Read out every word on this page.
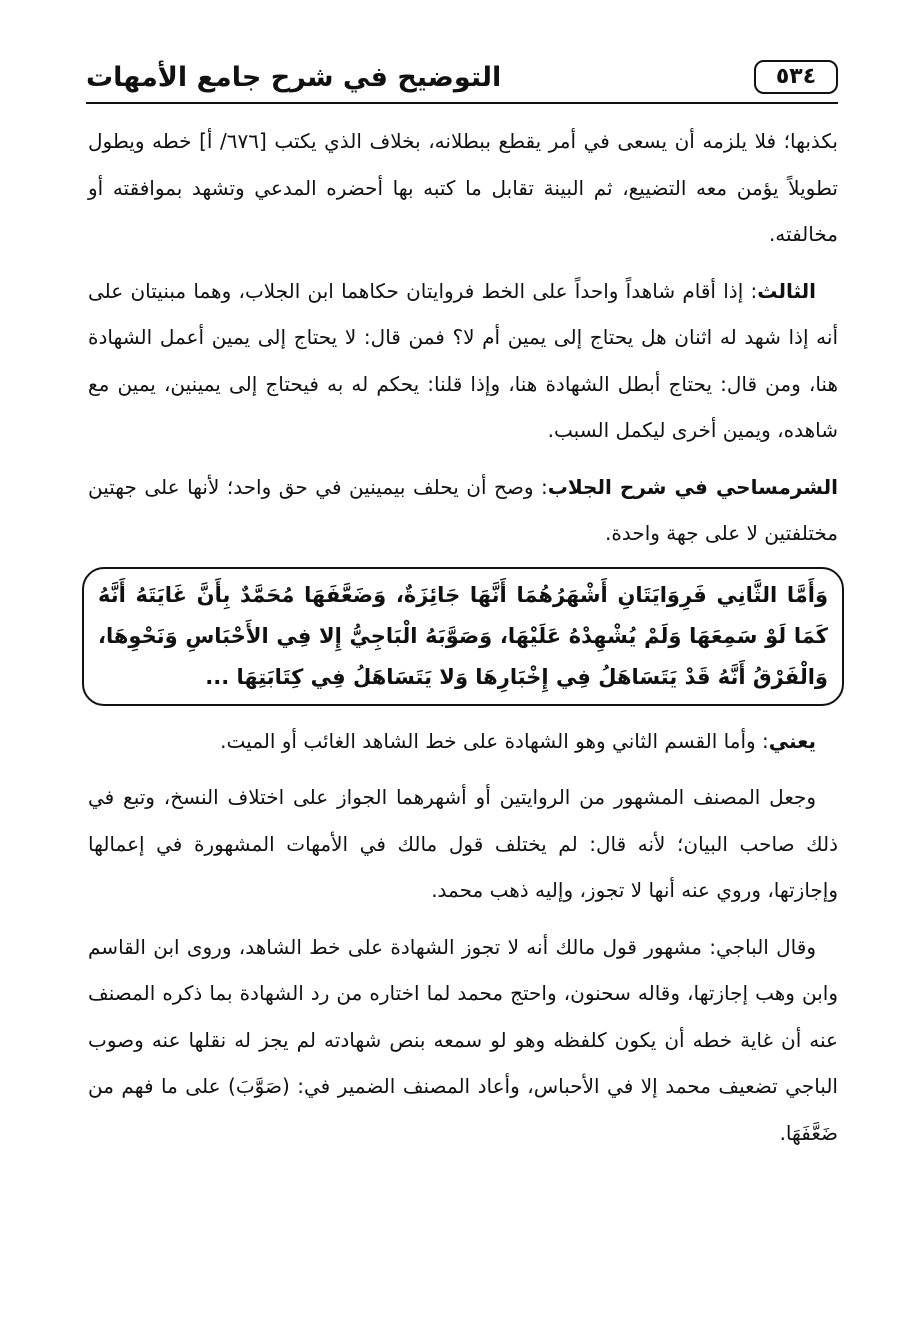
٥٣٤
التوضيح في شرح جامع الأمهات

بكذبها؛ فلا يلزمه أن يسعى في أمر يقطع ببطلانه، بخلاف الذي يكتب [٦٧٦/ أ] خطه ويطول تطويلاً يؤمن معه التضييع، ثم البينة تقابل ما كتبه بها أحضره المدعي وتشهد بموافقته أو مخالفته.

الثالث: إذا أقام شاهداً واحداً على الخط فروايتان حكاهما ابن الجلاب، وهما مبنيتان على أنه إذا شهد له اثنان هل يحتاج إلى يمين أم لا؟ فمن قال: لا يحتاج إلى يمين أعمل الشهادة هنا، ومن قال: يحتاج أبطل الشهادة هنا، وإذا قلنا: يحكم له به فيحتاج إلى يمينين، يمين مع شاهده، ويمين أخرى ليكمل السبب.

الشرمساحي في شرح الجلاب: وصح أن يحلف بيمينين في حق واحد؛ لأنها على جهتين مختلفتين لا على جهة واحدة.

وَأَمَّا الثَّانِي فَرِوَايَتَانِ أَشْهَرُهُمَا أَنَّهَا جَائِزَةٌ، وَضَعَّفَهَا مُحَمَّدٌ بِأَنَّ غَايَتَهُ أَنَّهُ كَمَا لَوْ سَمِعَهَا وَلَمْ يُشْهِدْهُ عَلَيْهَا، وَصَوَّبَهُ الْبَاجِيُّ إِلا فِي الأَحْبَاسِ وَنَحْوِهَا، وَالْفَرْقُ أَنَّهُ قَدْ يَتَسَاهَلُ فِي إِخْبَارِهَا وَلا يَتَسَاهَلُ فِي كِتَابَتِهَا ...

يعني: وأما القسم الثاني وهو الشهادة على خط الشاهد الغائب أو الميت.

وجعل المصنف المشهور من الروايتين أو أشهرهما الجواز على اختلاف النسخ، وتبع في ذلك صاحب البيان؛ لأنه قال: لم يختلف قول مالك في الأمهات المشهورة في إعمالها وإجازتها، وروي عنه أنها لا تجوز، وإليه ذهب محمد.

وقال الباجي: مشهور قول مالك أنه لا تجوز الشهادة على خط الشاهد، وروى ابن القاسم وابن وهب إجازتها، وقاله سحنون، واحتج محمد لما اختاره من رد الشهادة بما ذكره المصنف عنه أن غاية خطه أن يكون كلفظه وهو لو سمعه بنص شهادته لم يجز له نقلها عنه وصوب الباجي تضعيف محمد إلا في الأحباس، وأعاد المصنف الضمير في: (صَوَّبَ) على ما فهم من ضَعَّفَهَا.
